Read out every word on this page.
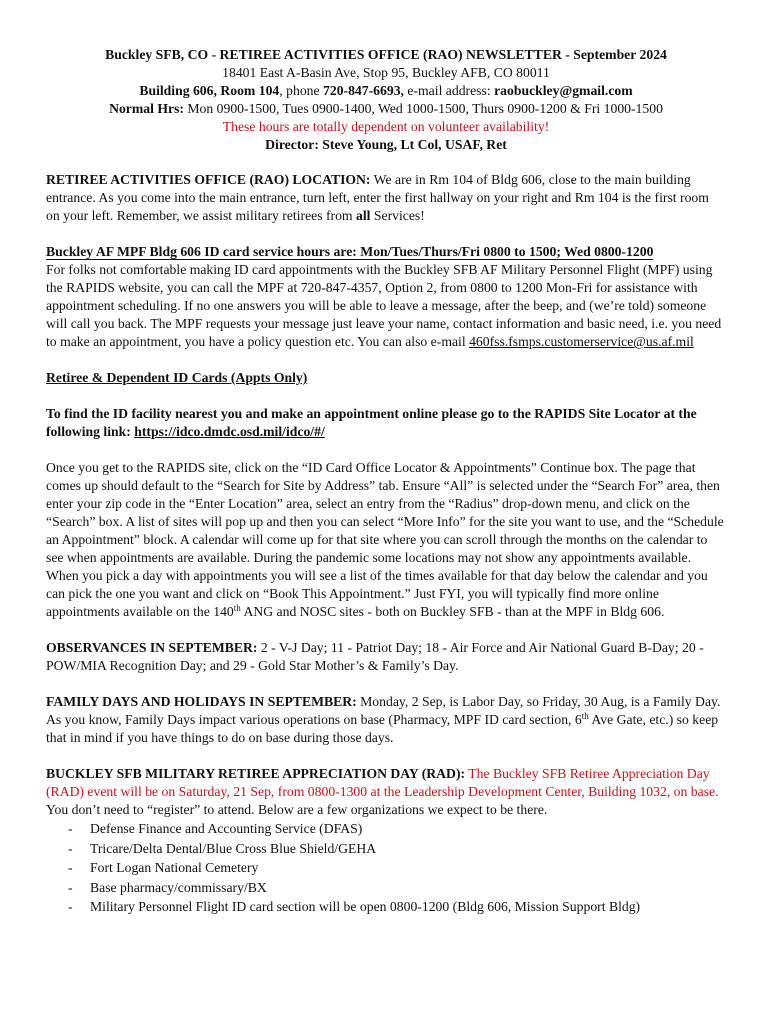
Buckley SFB, CO - RETIREE ACTIVITIES OFFICE (RAO) NEWSLETTER - September 2024
18401 East A-Basin Ave, Stop 95, Buckley AFB, CO 80011
Building 606, Room 104, phone 720-847-6693, e-mail address: raobuckley@gmail.com
Normal Hrs: Mon 0900-1500, Tues 0900-1400, Wed 1000-1500, Thurs 0900-1200 & Fri 1000-1500
These hours are totally dependent on volunteer availability!
Director: Steve Young, Lt Col, USAF, Ret

RETIREE ACTIVITIES OFFICE (RAO) LOCATION: We are in Rm 104 of Bldg 606, close to the main building entrance. As you come into the main entrance, turn left, enter the first hallway on your right and Rm 104 is the first room on your left. Remember, we assist military retirees from all Services!

Buckley AF MPF Bldg 606 ID card service hours are: Mon/Tues/Thurs/Fri 0800 to 1500; Wed 0800-1200

For folks not comfortable making ID card appointments with the Buckley SFB AF Military Personnel Flight (MPF) using the RAPIDS website, you can call the MPF at 720-847-4357, Option 2, from 0800 to 1200 Mon-Fri for assistance with appointment scheduling. If no one answers you will be able to leave a message, after the beep, and (we’re told) someone will call you back. The MPF requests your message just leave your name, contact information and basic need, i.e. you need to make an appointment, you have a policy question etc. You can also e-mail 460fss.fsmps.customerservice@us.af.mil

Retiree & Dependent ID Cards (Appts Only)

To find the ID facility nearest you and make an appointment online please go to the RAPIDS Site Locator at the following link: https://idco.dmdc.osd.mil/idco/#/

Once you get to the RAPIDS site, click on the “ID Card Office Locator & Appointments” Continue box. The page that comes up should default to the “Search for Site by Address” tab. Ensure “All” is selected under the “Search For” area, then enter your zip code in the “Enter Location” area, select an entry from the “Radius” drop-down menu, and click on the “Search” box. A list of sites will pop up and then you can select “More Info” for the site you want to use, and the “Schedule an Appointment” block. A calendar will come up for that site where you can scroll through the months on the calendar to see when appointments are available. During the pandemic some locations may not show any appointments available. When you pick a day with appointments you will see a list of the times available for that day below the calendar and you can pick the one you want and click on “Book This Appointment.” Just FYI, you will typically find more online appointments available on the 140th ANG and NOSC sites - both on Buckley SFB - than at the MPF in Bldg 606.

OBSERVANCES IN SEPTEMBER: 2 - V-J Day; 11 - Patriot Day; 18 - Air Force and Air National Guard B-Day; 20 - POW/MIA Recognition Day; and 29 - Gold Star Mother’s & Family’s Day.

FAMILY DAYS AND HOLIDAYS IN SEPTEMBER: Monday, 2 Sep, is Labor Day, so Friday, 30 Aug, is a Family Day. As you know, Family Days impact various operations on base (Pharmacy, MPF ID card section, 6th Ave Gate, etc.) so keep that in mind if you have things to do on base during those days.

BUCKLEY SFB MILITARY RETIREE APPRECIATION DAY (RAD): The Buckley SFB Retiree Appreciation Day (RAD) event will be on Saturday, 21 Sep, from 0800-1300 at the Leadership Development Center, Building 1032, on base. You don’t need to “register” to attend. Below are a few organizations we expect to be there.

- Defense Finance and Accounting Service (DFAS)
- Tricare/Delta Dental/Blue Cross Blue Shield/GEHA
- Fort Logan National Cemetery
- Base pharmacy/commissary/BX
- Military Personnel Flight ID card section will be open 0800-1200 (Bldg 606, Mission Support Bldg)
